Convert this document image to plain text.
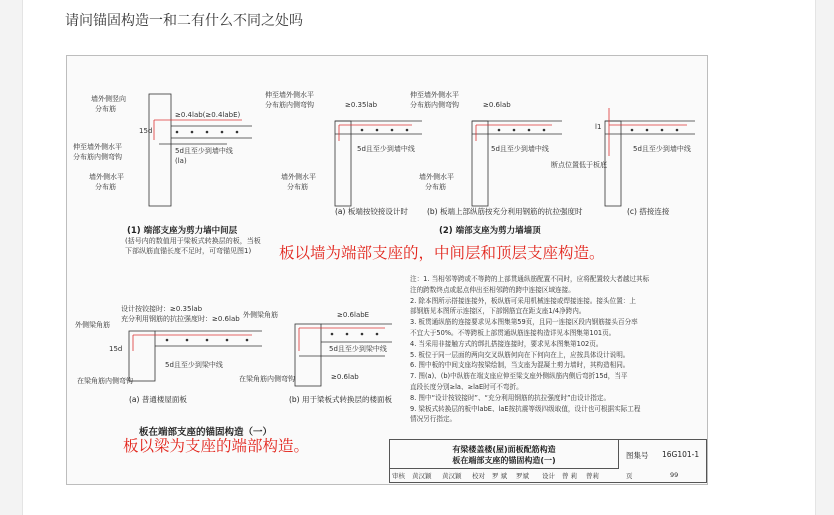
请问锚固构造一和二有什么不同之处吗
墙外侧竖向
分布筋
伸至墙外侧水平
分布筋内侧弯钩
墙外侧水平
分布筋
≥0.4lab(≥0.4labE)
15d
5d且至少到墙中线
(la)
(1) 端部支座为剪力墙中间层
(括号内的数值用于梁板式转换层的板，当板
下部纵筋直锚长度不足时，可弯锚见图1)
伸至墙外侧水平
分布筋内侧弯钩	≥0.35lab
墙外侧水平
分布筋
5d且至少到墙中线
(a) 板端按铰接设计时
伸至墙外侧水平
分布筋内侧弯钩	≥0.6lab
5d且至少到墙中线
墙外侧水平
分布筋
(b) 板端上部纵筋按充分利用钢筋的抗拉强度时
l1
5d且至少到墙中线
断点位置低于板底
(c) 搭接连接
(2) 端部支座为剪力墙墙顶
设计按铰接时：≥0.35lab
充分利用钢筋的抗拉强度时：≥0.6lab
外侧梁角筋
15d
5d且至少到梁中线
在梁角筋内侧弯钩
(a) 普通楼屋面板
外侧梁角筋	≥0.6labE
5d且至少到梁中线
在梁角筋内侧弯钩	≥0.6lab
(b) 用于梁板式转换层的楼面板
板在端部支座的锚固构造（一）
注：1. 当相邻等跨或不等跨的上部贯通纵筋配置不同时，应将配置较大者越过其标
注的跨数终点或起点伸出至相邻跨的跨中连接区域连接。
2. 除本图所示搭接连接外，板纵筋可采用机械连接或焊接连接。接头位置：上
部钢筋见本图所示连接区，下部钢筋宜在距支座1/4净跨内。
3. 板贯通纵筋的连接要求见本图集第59页，且同一连接区段内钢筋接头百分率
不宜大于50%。不等跨板上部贯通纵筋连接构造详见本图集第101页。
4. 当采用非接触方式的绑扎搭接连接时，要求见本图集第102页。
5. 板位于同一层面的两向交叉纵筋何向在下何向在上，应按具体设计说明。
6. 图中板的中间支座均按梁绘制，当支座为混凝土剪力墙时，其构造相同。
7. 图(a)、(b)中纵筋在端支座应伸至梁支座外侧纵筋内侧后弯折15d，当平
直段长度分别≥la、≥laE时可不弯折。
8. 图中“设计按铰接时”、“充分利用钢筋的抗拉强度时”由设计指定。
9. 梁板式转换层的板中labE、laE按抗震等级四级取值，设计也可根据实际工程
情况另行指定。
有梁楼盖楼(屋)面板配筋构造
板在端部支座的锚固构造(一)
图集号 16G101-1
审核 黄汉颖 黄汉颖 校对 罗 斌 罗斌 设计 曾 莉 曾莉	页	99
板以墙为端部支座的，中间层和顶层支座构造。
板以梁为支座的端部构造。
